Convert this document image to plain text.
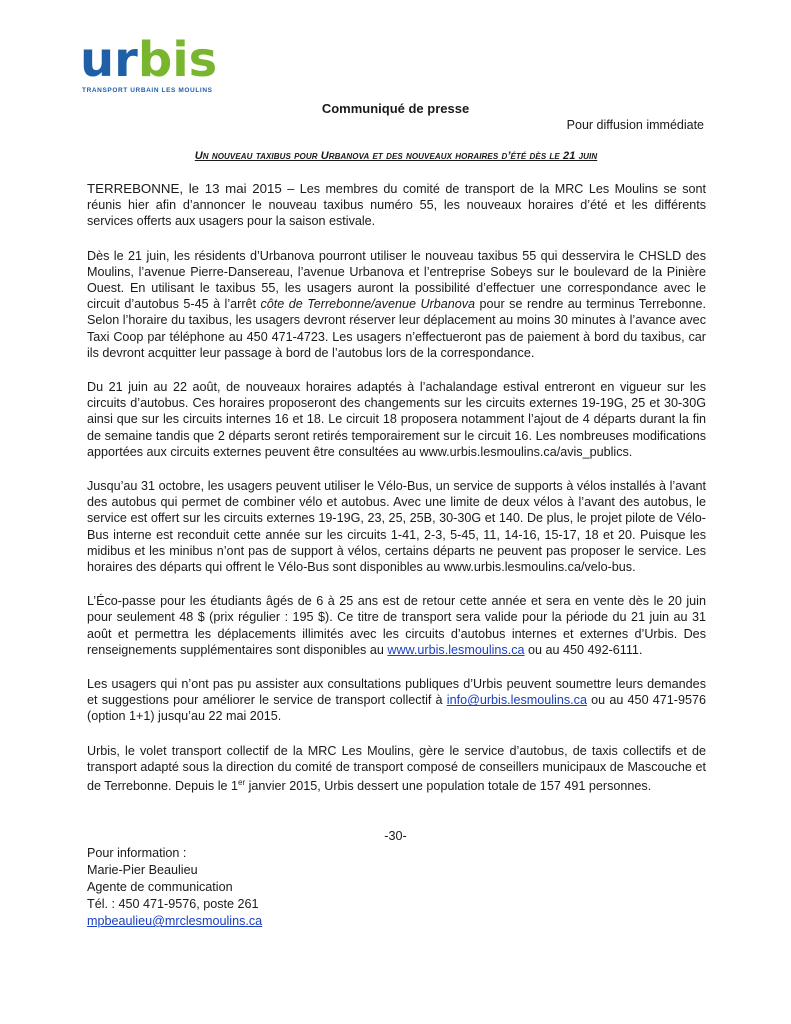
urbis
TRANSPORT URBAIN LES MOULINS
Communiqué de presse
Pour diffusion immédiate
Un nouveau taxibus pour Urbanova et des nouveaux horaires d’été dès le 21 juin

TERREBONNE, le 13 mai 2015 – Les membres du comité de transport de la MRC Les Moulins se sont réunis hier afin d’annoncer le nouveau taxibus numéro 55, les nouveaux horaires d’été et les différents services offerts aux usagers pour la saison estivale.

Dès le 21 juin, les résidents d’Urbanova pourront utiliser le nouveau taxibus 55 qui desservira le CHSLD des Moulins, l’avenue Pierre-Dansereau, l’avenue Urbanova et l’entreprise Sobeys sur le boulevard de la Pinière Ouest. En utilisant le taxibus 55, les usagers auront la possibilité d’effectuer une correspondance avec le circuit d’autobus 5-45 à l’arrêt côte de Terrebonne/avenue Urbanova pour se rendre au terminus Terrebonne. Selon l’horaire du taxibus, les usagers devront réserver leur déplacement au moins 30 minutes à l’avance avec Taxi Coop par téléphone au 450 471-4723. Les usagers n’effectueront pas de paiement à bord du taxibus, car ils devront acquitter leur passage à bord de l’autobus lors de la correspondance.

Du 21 juin au 22 août, de nouveaux horaires adaptés à l’achalandage estival entreront en vigueur sur les circuits d’autobus. Ces horaires proposeront des changements sur les circuits externes 19-19G, 25 et 30-30G ainsi que sur les circuits internes 16 et 18. Le circuit 18 proposera notamment l’ajout de 4 départs durant la fin de semaine tandis que 2 départs seront retirés temporairement sur le circuit 16. Les nombreuses modifications apportées aux circuits externes peuvent être consultées au www.urbis.lesmoulins.ca/avis_publics.

Jusqu’au 31 octobre, les usagers peuvent utiliser le Vélo-Bus, un service de supports à vélos installés à l’avant des autobus qui permet de combiner vélo et autobus. Avec une limite de deux vélos à l’avant des autobus, le service est offert sur les circuits externes 19-19G, 23, 25, 25B, 30-30G et 140. De plus, le projet pilote de Vélo-Bus interne est reconduit cette année sur les circuits 1-41, 2-3, 5-45, 11, 14-16, 15-17, 18 et 20. Puisque les midibus et les minibus n’ont pas de support à vélos, certains départs ne peuvent pas proposer le service. Les horaires des départs qui offrent le Vélo-Bus sont disponibles au www.urbis.lesmoulins.ca/velo-bus.

L’Éco-passe pour les étudiants âgés de 6 à 25 ans est de retour cette année et sera en vente dès le 20 juin pour seulement 48 $ (prix régulier : 195 $). Ce titre de transport sera valide pour la période du 21 juin au 31 août et permettra les déplacements illimités avec les circuits d’autobus internes et externes d’Urbis. Des renseignements supplémentaires sont disponibles au www.urbis.lesmoulins.ca ou au 450 492-6111.

Les usagers qui n’ont pas pu assister aux consultations publiques d’Urbis peuvent soumettre leurs demandes et suggestions pour améliorer le service de transport collectif à info@urbis.lesmoulins.ca ou au 450 471-9576 (option 1+1) jusqu’au 22 mai 2015.

Urbis, le volet transport collectif de la MRC Les Moulins, gère le service d’autobus, de taxis collectifs et de transport adapté sous la direction du comité de transport composé de conseillers municipaux de Mascouche et de Terrebonne. Depuis le 1er janvier 2015, Urbis dessert une population totale de 157 491 personnes.

-30-
Pour information :
Marie-Pier Beaulieu
Agente de communication
Tél. : 450 471-9576, poste 261
mpbeaulieu@mrclesmoulins.ca
